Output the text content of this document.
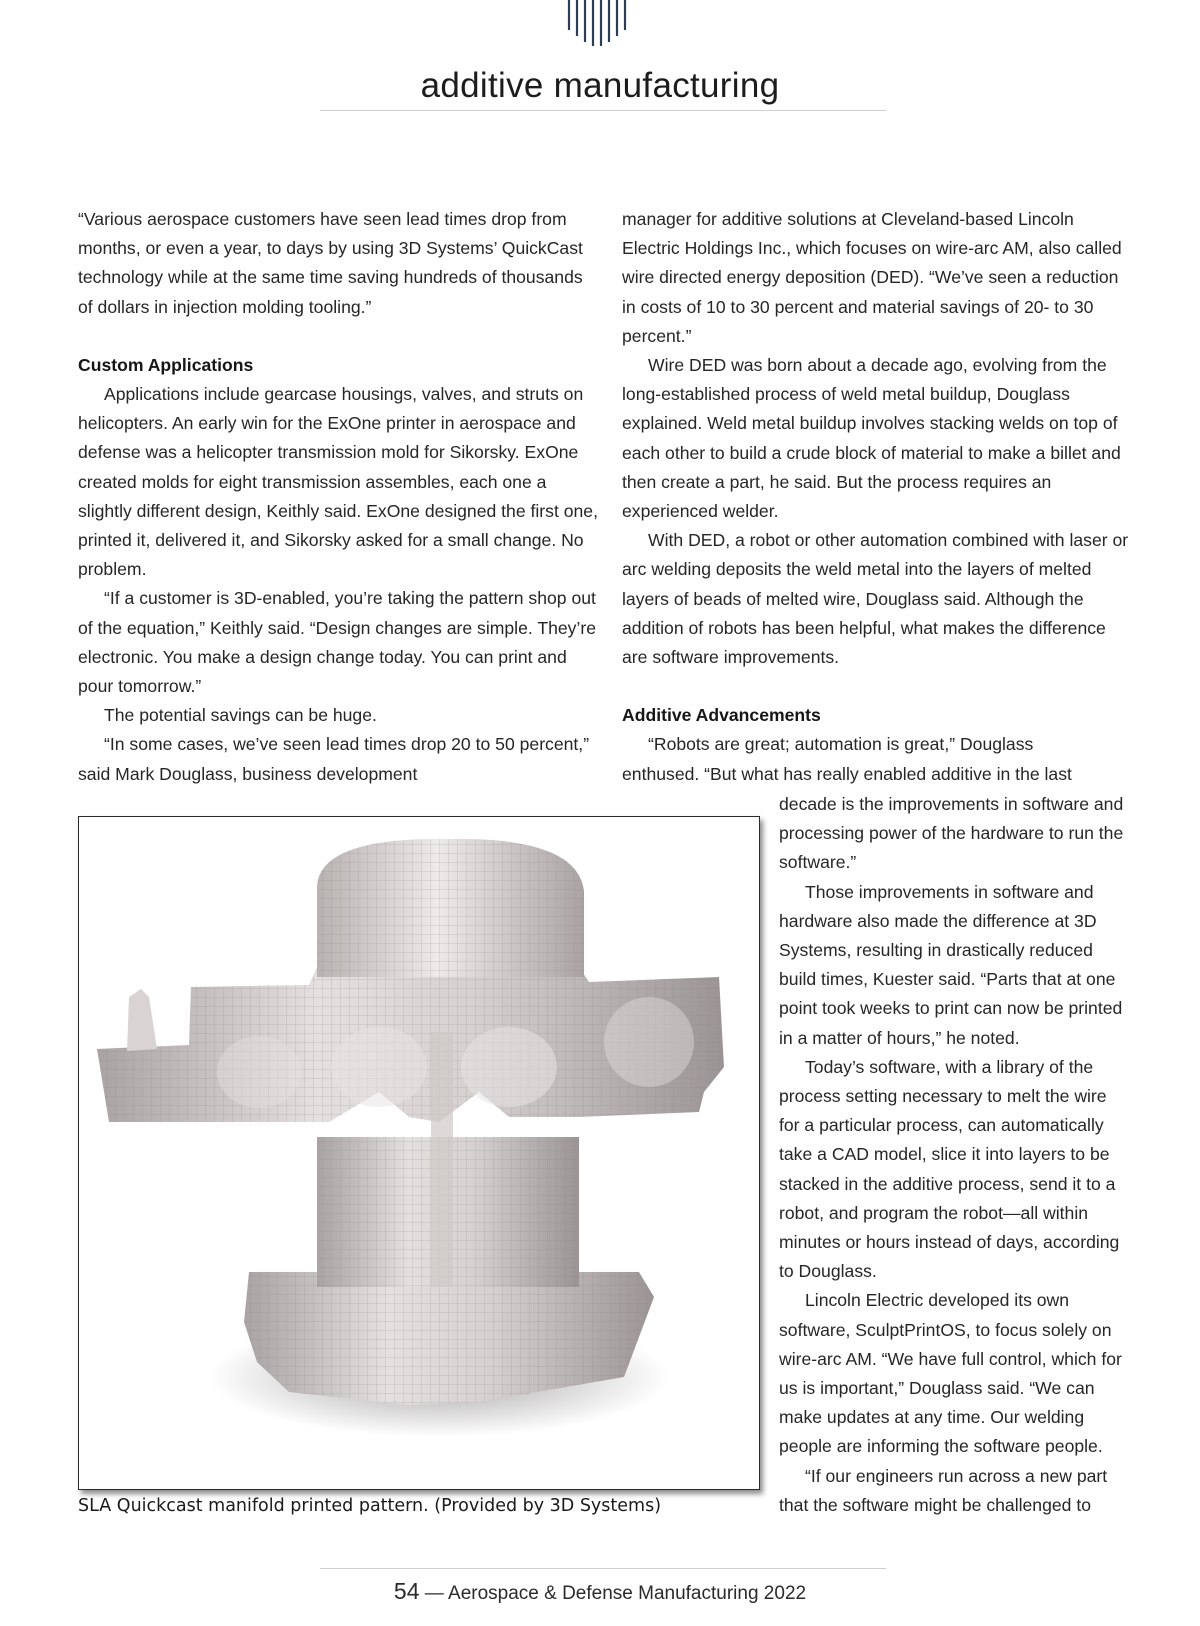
additive manufacturing

“Various aerospace customers have seen lead times drop from months, or even a year, to days by using 3D Systems’ QuickCast technology while at the same time saving hundreds of thousands of dollars in injection molding tooling.”

Custom Applications

Applications include gearcase housings, valves, and struts on helicopters. An early win for the ExOne printer in aerospace and defense was a helicopter transmission mold for Sikorsky. ExOne created molds for eight transmission assembles, each one a slightly different design, Keithly said. ExOne designed the first one, printed it, delivered it, and Sikorsky asked for a small change. No problem.

“If a customer is 3D-enabled, you’re taking the pattern shop out of the equation,” Keithly said. “Design changes are simple. They’re electronic. You make a design change today. You can print and pour tomorrow.”

The potential savings can be huge.

“In some cases, we’ve seen lead times drop 20 to 50 percent,” said Mark Douglass, business development

manager for additive solutions at Cleveland-based Lincoln Electric Holdings Inc., which focuses on wire-arc AM, also called wire directed energy deposition (DED). “We’ve seen a reduction in costs of 10 to 30 percent and material savings of 20- to 30 percent.”

Wire DED was born about a decade ago, evolving from the long-established process of weld metal buildup, Douglass explained. Weld metal buildup involves stacking welds on top of each other to build a crude block of material to make a billet and then create a part, he said. But the process requires an experienced welder.

With DED, a robot or other automation combined with laser or arc welding deposits the weld metal into the layers of melted layers of beads of melted wire, Douglass said. Although the addition of robots has been helpful, what makes the difference are software improvements.

Additive Advancements

“Robots are great; automation is great,” Douglass

enthused. “But what has really enabled additive in the last

decade is the improvements in software and processing power of the hardware to run the software.”

Those improvements in software and hardware also made the difference at 3D Systems, resulting in drastically reduced build times, Kuester said. “Parts that at one point took weeks to print can now be printed in a matter of hours,” he noted.

Today’s software, with a library of the process setting necessary to melt the wire for a particular process, can automatically take a CAD model, slice it into layers to be stacked in the additive process, send it to a robot, and program the robot—all within minutes or hours instead of days, according to Douglass.

Lincoln Electric developed its own software, SculptPrintOS, to focus solely on wire-arc AM. “We have full control, which for us is important,” Douglass said. “We can make updates at any time. Our welding people are informing the software people.

“If our engineers run across a new part that the software might be challenged to

SLA Quickcast manifold printed pattern. (Provided by 3D Systems)
54 — Aerospace & Defense Manufacturing 2022
